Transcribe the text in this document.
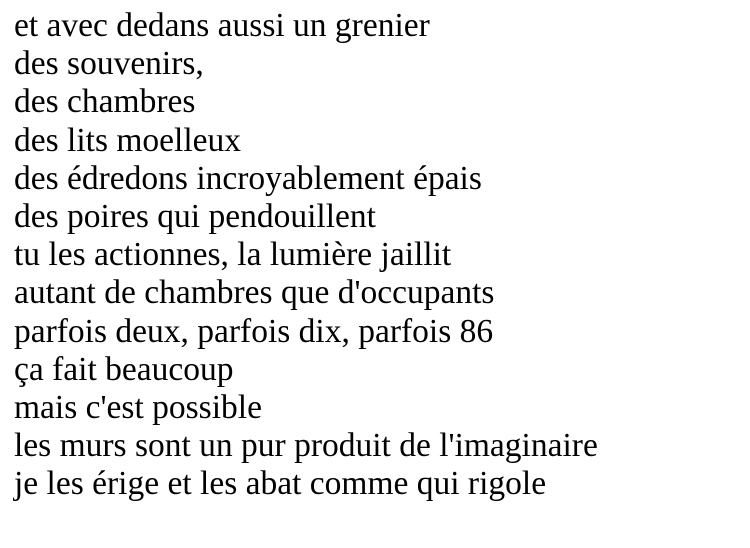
et avec dedans aussi un grenier
des souvenirs,
des chambres
des lits moelleux
des édredons incroyablement épais
des poires qui pendouillent
tu les actionnes, la lumière jaillit
autant de chambres que d'occupants
parfois deux, parfois dix, parfois 86
ça fait beaucoup
mais c'est possible
les murs sont un pur produit de l'imaginaire
je les érige et les abat comme qui rigole
